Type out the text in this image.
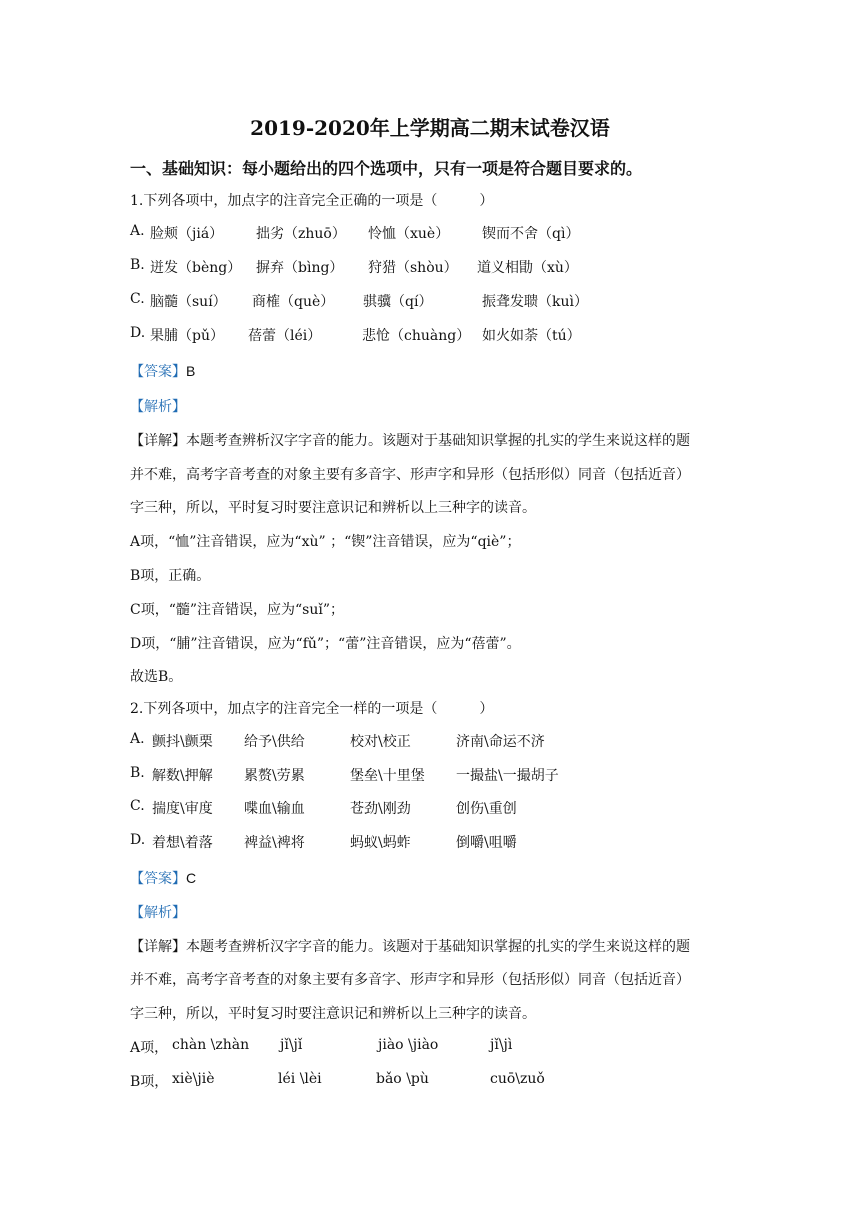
2019-2020年上学期高二期末试卷汉语
一、基础知识：每小题给出的四个选项中，只有一项是符合题目要求的。
1.下列各项中，加点字的注音完全正确的一项是（　　　）
A. 脸颊（jiá） 拙劣（zhuō） 怜恤（xuè） 锲而不舍（qì）
B. 迸发（bèng） 摒弃（bìng） 狩猎（shòu） 道义相勖（xù）
C. 脑髓（suí） 商榷（què） 骐骥（qí）	振聋发聩（kuì）
D. 果脯（pǔ） 蓓蕾（léi）	悲怆（chuàng） 如火如荼（tú）
【答案】B
【解析】
【详解】本题考查辨析汉字字音的能力。该题对于基础知识掌握的扎实的学生来说这样的题
并不难，高考字音考查的对象主要有多音字、形声字和异形（包括形似）同音（包括近音）
字三种，所以，平时复习时要注意识记和辨析以上三种字的读音。
A项，“恤”注音错误，应为“xù” ；“锲”注音错误，应为“qiè”；
B项，正确。
C项，“髓”注音错误，应为“suǐ”；
D项，“脯”注音错误，应为“fǔ”；“蕾”注音错误，应为“蓓蕾”。
故选B。
2.下列各项中，加点字的注音完全一样的一项是（　　　）
A. 颤抖\颤栗 给予\供给	校对\校正	济南\命运不济
B. 解数\押解 累赘\劳累	堡垒\十里堡 一撮盐\一撮胡子
C. 揣度\审度 喋血\输血	苍劲\刚劲	创伤\重创
D. 着想\着落 裨益\裨将	蚂蚁\蚂蚱	倒嚼\咀嚼
【答案】C
【解析】
【详解】本题考查辨析汉字字音的能力。该题对于基础知识掌握的扎实的学生来说这样的题
并不难，高考字音考查的对象主要有多音字、形声字和异形（包括形似）同音（包括近音）
字三种，所以，平时复习时要注意识记和辨析以上三种字的读音。
A项， chàn \zhàn jǐ\jǐ	jiào \jiào	jǐ\jì
B项， xiè\jiè	léi \lèi	bǎo \pù	cuō\zuǒ
